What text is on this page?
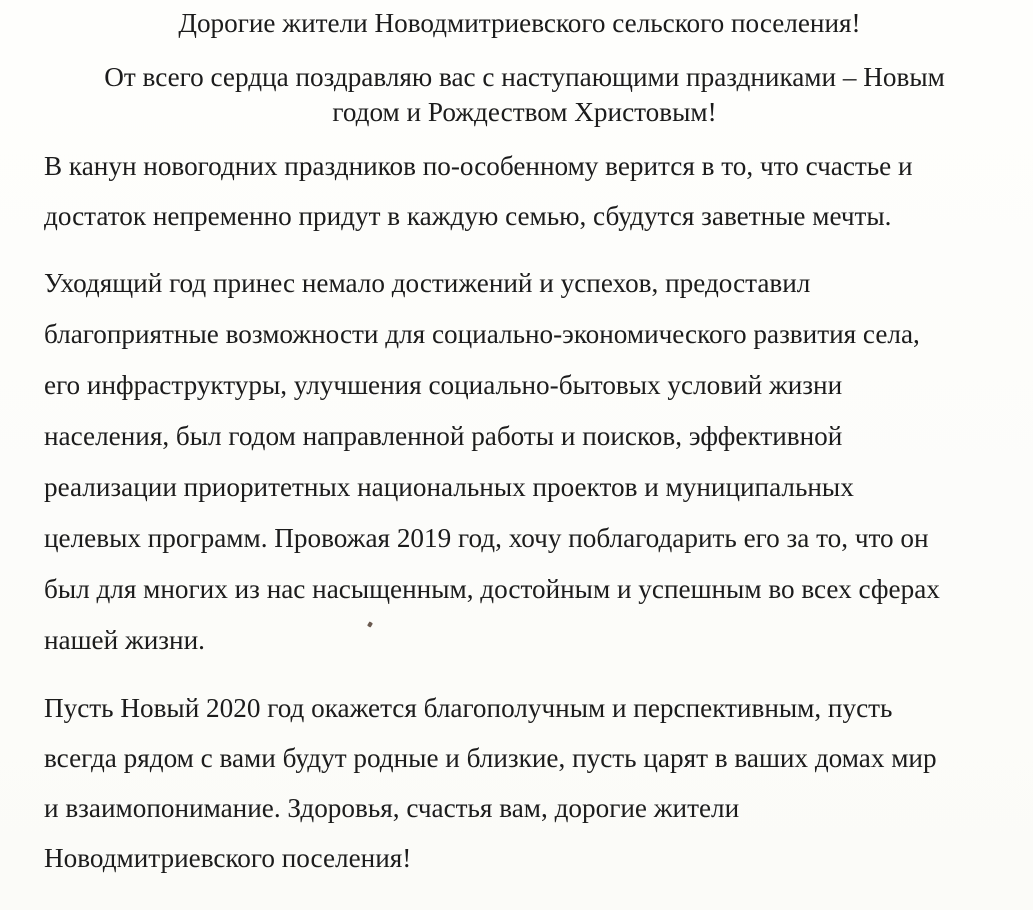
Дорогие жители Новодмитриевского сельского поселения!

От всего сердца поздравляю вас с наступающими праздниками – Новым
годом и Рождеством Христовым!

В канун новогодних праздников по-особенному верится в то, что счастье и
достаток непременно придут в каждую семью, сбудутся заветные мечты.

Уходящий год принес немало достижений и успехов, предоставил
благоприятные возможности для социально-экономического развития села,
его инфраструктуры, улучшения социально-бытовых условий жизни
населения, был годом направленной работы и поисков, эффективной
реализации приоритетных национальных проектов и муниципальных
целевых программ. Провожая 2019 год, хочу поблагодарить его за то, что он
был для многих из нас насыщенным, достойным и успешным во всех сферах
нашей жизни.

Пусть Новый 2020 год окажется благополучным и перспективным, пусть
всегда рядом с вами будут родные и близкие, пусть царят в ваших домах мир
и взаимопонимание. Здоровья, счастья вам, дорогие жители
Новодмитриевского поселения!
